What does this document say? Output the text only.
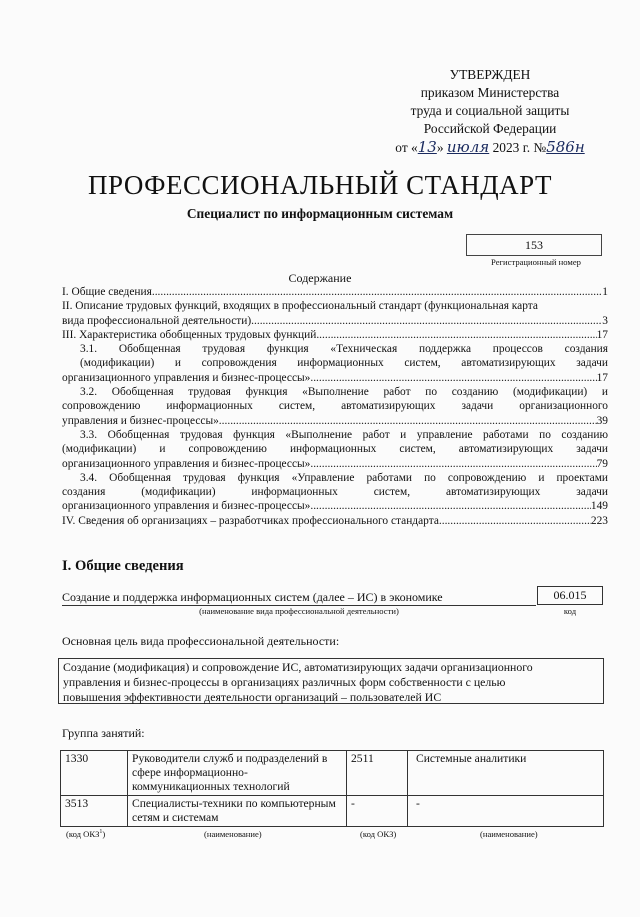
УТВЕРЖДЕН
приказом Министерства
труда и социальной защиты
Российской Федерации
от «13» июля 2023 г. №586н
ПРОФЕССИОНАЛЬНЫЙ СТАНДАРТ
Специалист по информационным системам
153
Регистрационный номер
Содержание
I. Общие сведения .....	1
II. Описание трудовых функций, входящих в профессиональный стандарт (функциональная карта
вида профессиональной деятельности) .....	3
III. Характеристика обобщенных трудовых функций .....	17
3.1. Обобщенная трудовая функция «Техническая поддержка процессов создания
(модификации) и сопровождения информационных систем, автоматизирующих задачи
организационного управления и бизнес-процессы» .....	17
3.2. Обобщенная трудовая функция «Выполнение работ по созданию (модификации) и
сопровождению информационных систем, автоматизирующих задачи организационного
управления и бизнес-процессы» .....	39
3.3. Обобщенная трудовая функция «Выполнение работ и управление работами по созданию
(модификации) и сопровождению информационных систем, автоматизирующих задачи
организационного управления и бизнес-процессы» .....	79
3.4. Обобщенная трудовая функция «Управление работами по сопровождению и проектами
создания (модификации) информационных систем, автоматизирующих задачи
организационного управления и бизнес-процессы» .....	149
IV. Сведения об организациях – разработчиках профессионального стандарта .....	223
I. Общие сведения
Создание и поддержка информационных систем (далее – ИС) в экономике
(наименование вида профессиональной деятельности)
06.015
код
Основная цель вида профессиональной деятельности:
Создание (модификация) и сопровождение ИС, автоматизирующих задачи организационного
управления и бизнес-процессы в организациях различных форм собственности с целью
повышения эффективности деятельности организаций – пользователей ИС
Группа занятий:
1330	Руководители служб и подразделений в сфере информационно-коммуникационных технологий	2511	Системные аналитики
3513	Специалисты-техники по компьютерным сетям и системам	-	-
(код ОКЗ$^1$)	(наименование)	(код ОКЗ)	(наименование)
